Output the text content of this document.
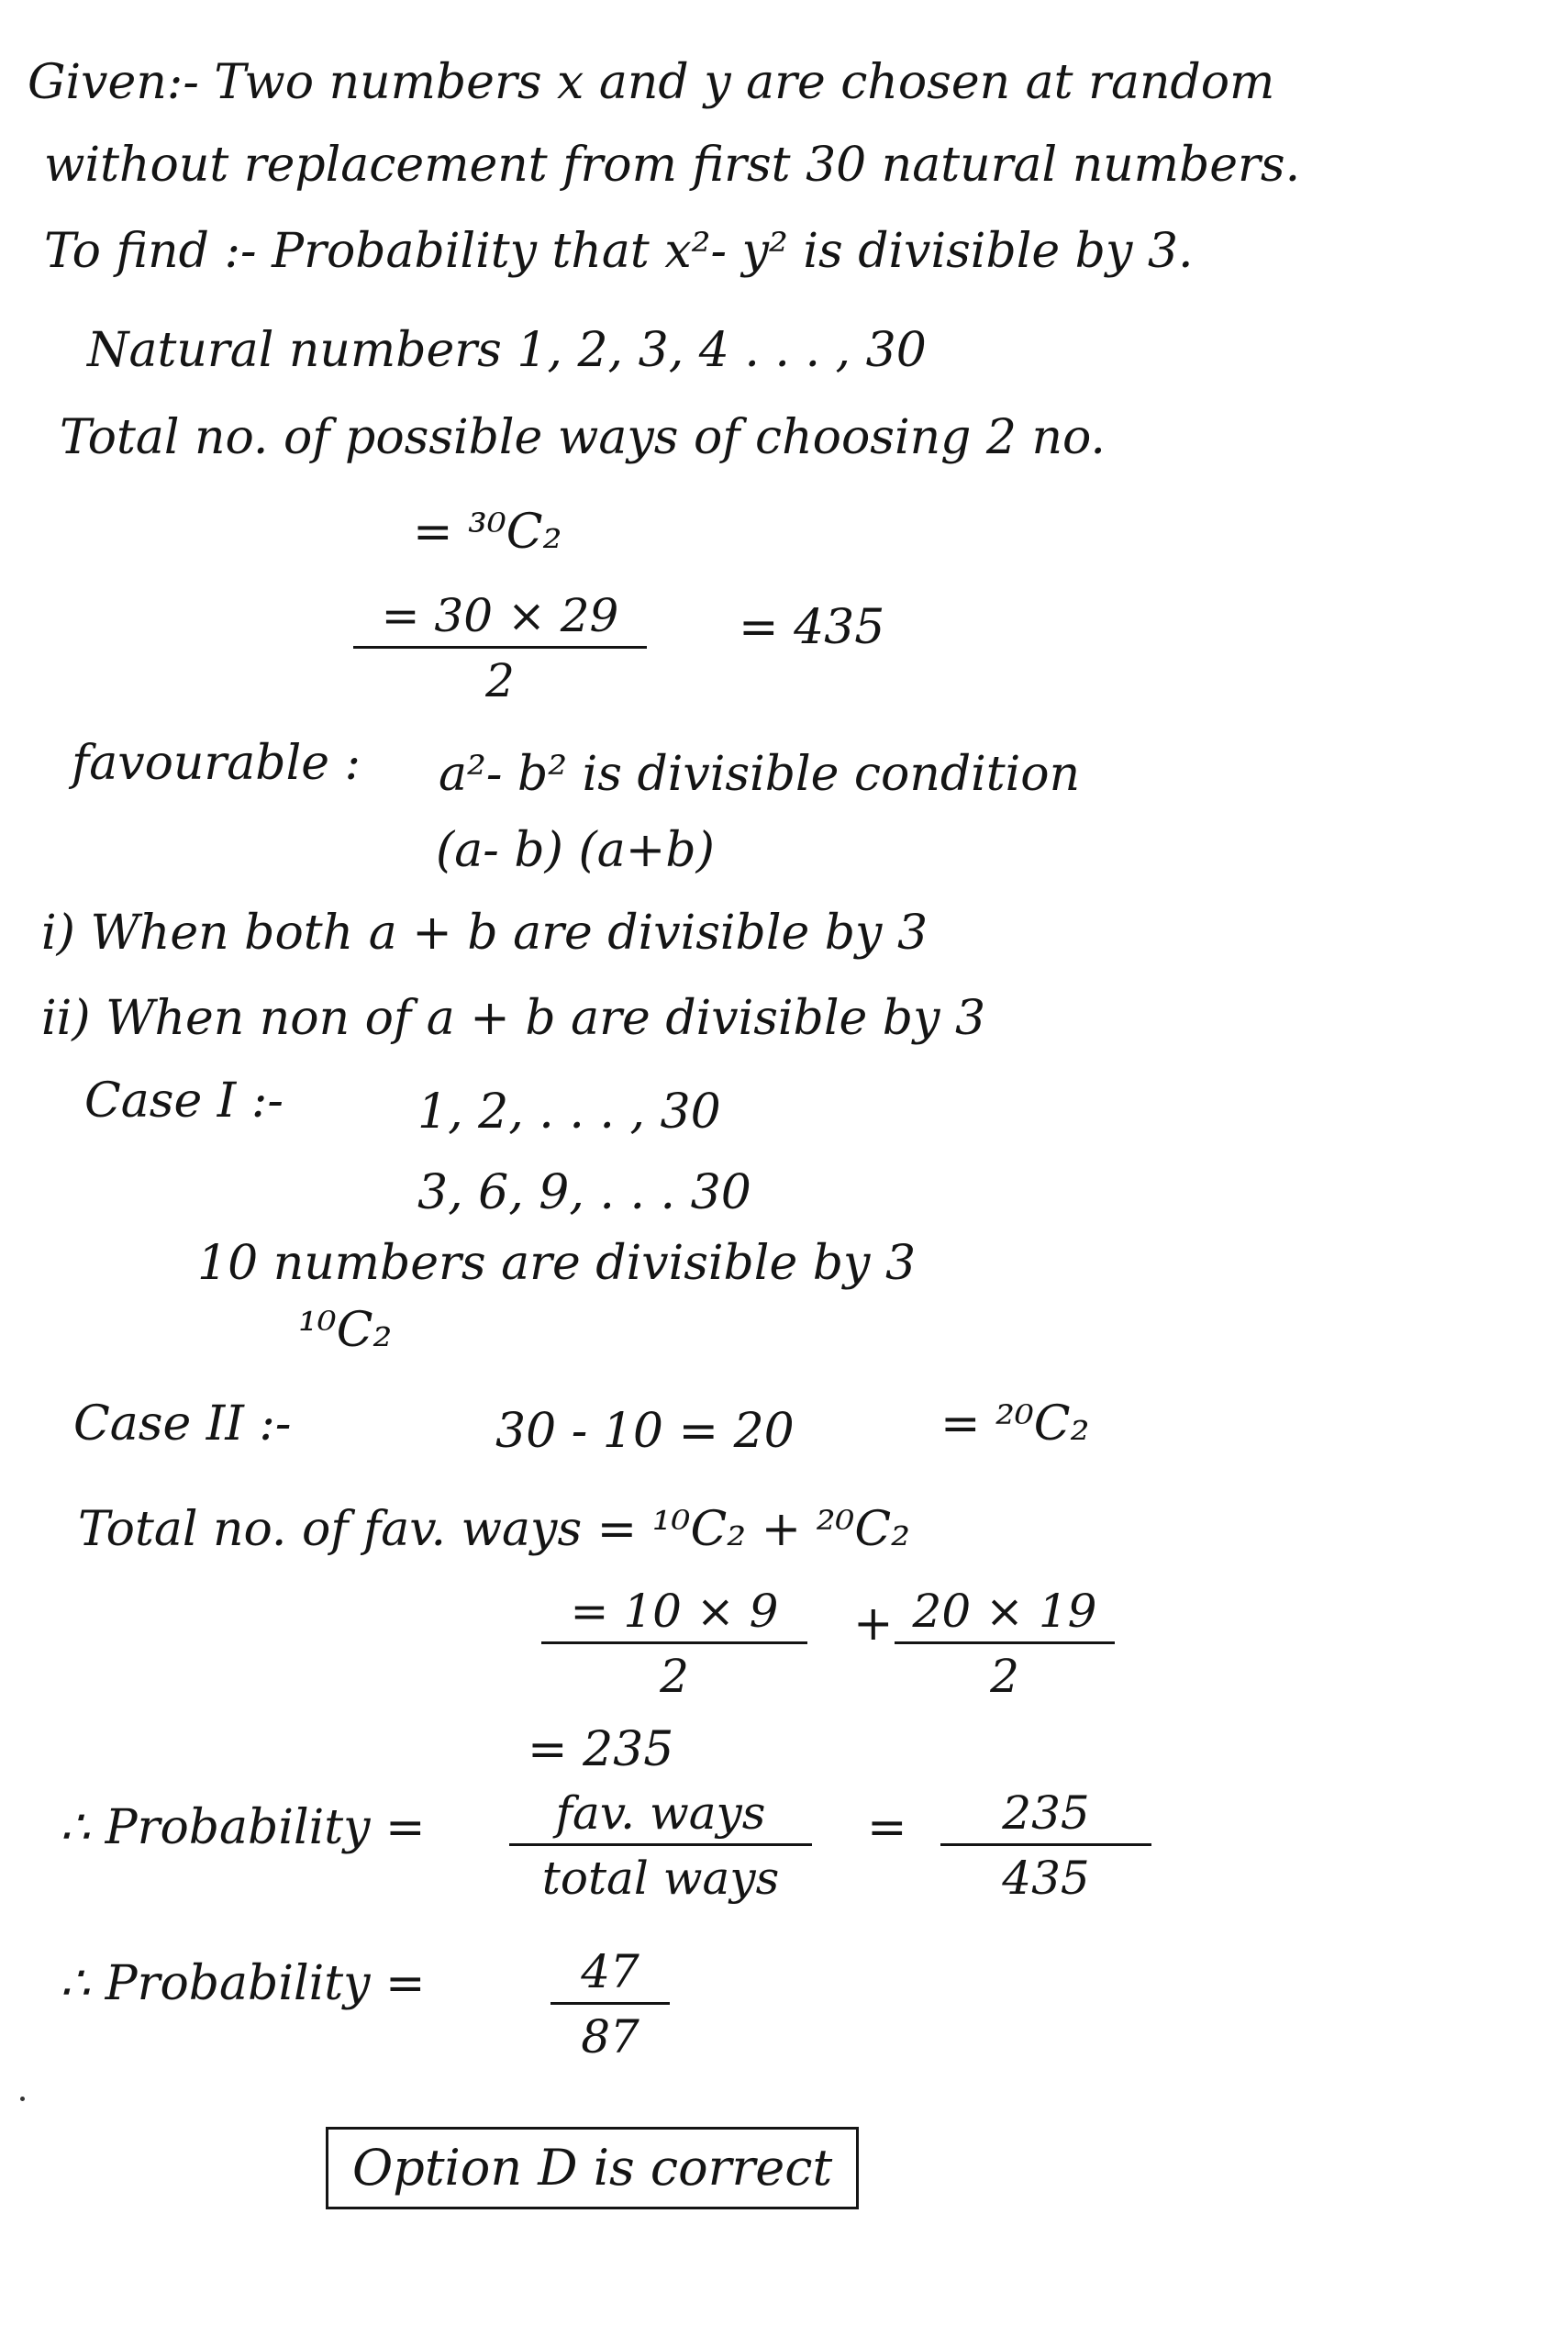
Given:- Two numbers x and y are chosen at random
without replacement from first 30 natural numbers.
To find :- Probability that x²- y² is divisible by 3.
Natural numbers 1, 2, 3, 4 . . . , 30
Total no. of possible ways of choosing 2 no.
= ³⁰C₂
= 30 × 29
2
= 435
favourable : a²- b² is divisible condition
(a- b) (a+b)
i) When both a + b are divisible by 3
ii) When non of a + b are divisible by 3
Case I :-	1, 2, . . . , 30
3, 6, 9, . . . 30
10 numbers are divisible by 3
¹⁰C₂
Case II :-	30 - 10 = 20	= ²⁰C₂
Total no. of fav. ways = ¹⁰C₂ + ²⁰C₂
= 10 × 9
2
+ 20 × 19
2
= 235
∴ Probability =	fav. ways
total ways
=	235
435
∴ Probability =	47
87
Option D is correct
